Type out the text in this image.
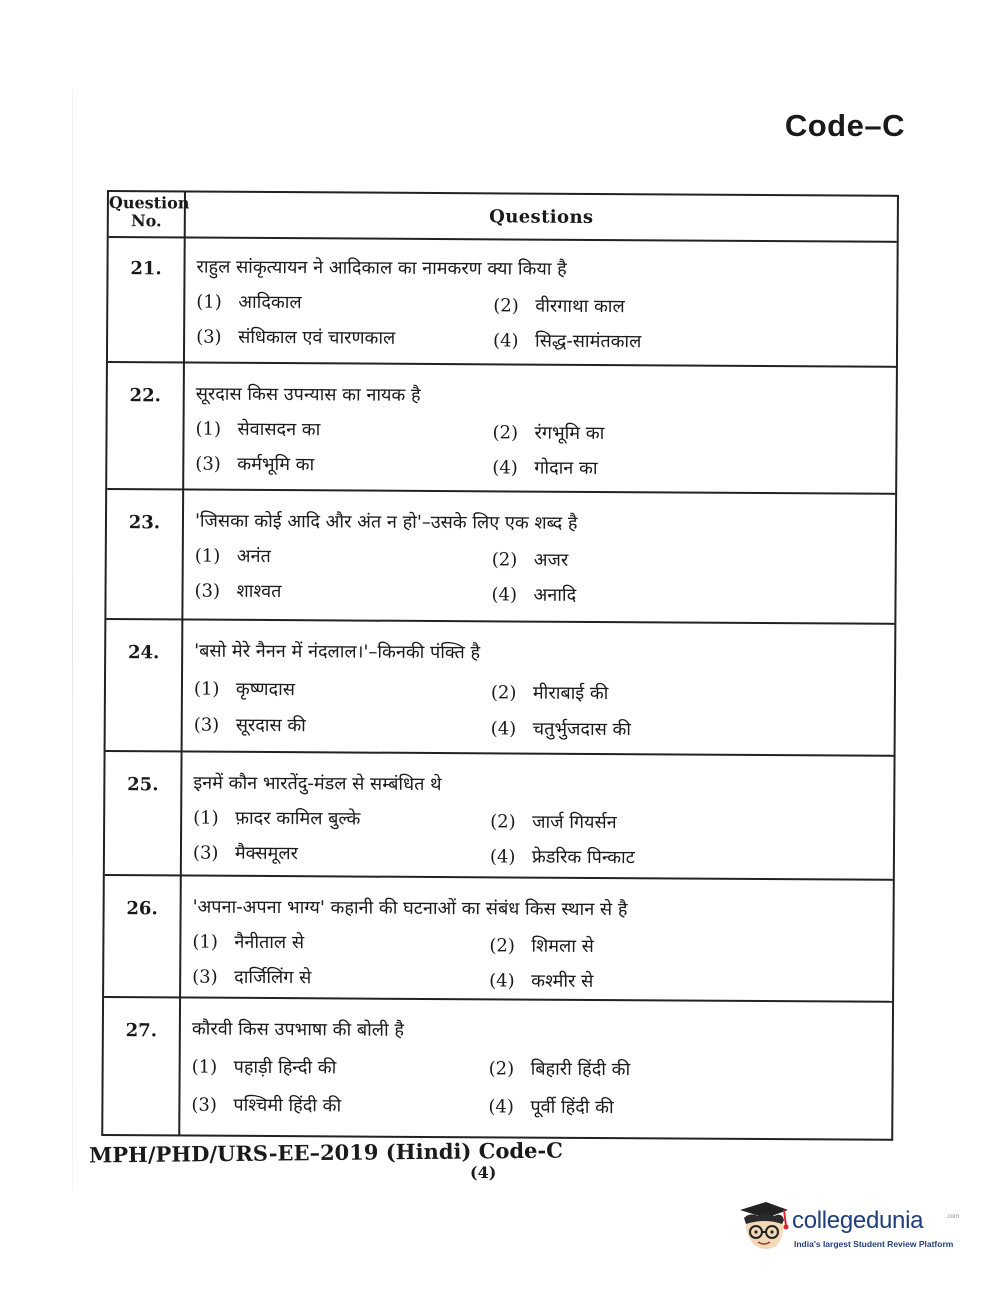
Code–C
Question No.	Questions
21.	राहुल सांकृत्यायन ने आदिकाल का नामकरण क्या किया है
(1) आदिकाल	(2) वीरगाथा काल
(3) संधिकाल एवं चारणकाल	(4) सिद्ध-सामंतकाल
22.	सूरदास किस उपन्यास का नायक है
(1) सेवासदन का	(2) रंगभूमि का
(3) कर्मभूमि का	(4) गोदान का
23.	'जिसका कोई आदि और अंत न हो'–उसके लिए एक शब्द है
(1) अनंत	(2) अजर
(3) शाश्वत	(4) अनादि
24.	'बसो मेरे नैनन में नंदलाल।'–किनकी पंक्ति है
(1) कृष्णदास	(2) मीराबाई की
(3) सूरदास की	(4) चतुर्भुजदास की
25.	इनमें कौन भारतेंदु-मंडल से सम्बंधित थे
(1) फ़ादर कामिल बुल्के	(2) जार्ज गियर्सन
(3) मैक्समूलर	(4) फ्रेडरिक पिन्काट
26.	'अपना-अपना भाग्य' कहानी की घटनाओं का संबंध किस स्थान से है
(1) नैनीताल से	(2) शिमला से
(3) दार्जिलिंग से	(4) कश्मीर से
27.	कौरवी किस उपभाषा की बोली है
(1) पहाड़ी हिन्दी की	(2) बिहारी हिंदी की
(3) पश्चिमी हिंदी की	(4) पूर्वी हिंदी की
MPH/PHD/URS-EE–2019 (Hindi) Code-C
(4)
collegedunia	.com
India's largest Student Review Platform
